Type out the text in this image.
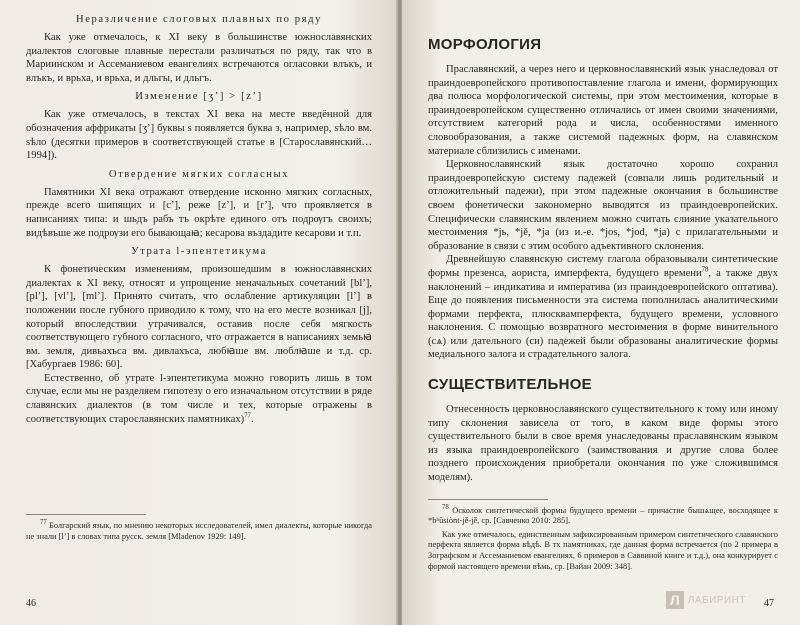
Неразличение слоговых плавных по ряду

Как уже отмечалось, к XI веку в большинстве южнославянских диалектов слоговые плавные перестали различаться по ряду, так что в Мариинском и Ассеманиевом евангелиях встречаются огласовки влъкъ, и влъкъ, и врьха, и врьха, и дльгы, и дльгъ.

Изменение [ʒ’] > [z’]

Как уже отмечалось, в текстах XI века на месте введённой для обозначения аффрикаты [ʒ’] буквы ѕ появляется буква з, например, ѕѣло вм. ѕѣло (десятки примеров в соответствующей статье в [Старославянский… 1994]).

Отвердение мягких согласных

Памятники XI века отражают отвердение исконно мягких согласных, прежде всего шипящих и [с’], реже [z’], и [r’], что проявляется в написаниях типа: и шьдъ рабъ тъ окрѣте единого отъ подрѹгъ своихъ; видѣвъше же подрѹзи его бывающаꙗ; кесарова въздадите кесарови и т.п.

Утрата l-эпентетикума

К фонетическим изменениям, произошедшим в южнославянских диалектах к XI веку, относят и упрощение неначальных сочетаний [bl’], [pl’], [vl’], [ml’]. Принято считать, что ослабление артикуляции [l’] в положении после губного приводило к тому, что на его месте возникал [j], который впоследствии утрачивался, оставив после себя мягкость соответствующего губного согласного, что отражается в написаниях земьꙗ вм. земля, дивьахъса вм. дивлахъса, любꙗше вм. люблꙗше и т.д. ср. [Хабургаев 1986: 60].

Естественно, об утрате l-эпентетикума можно говорить лишь в том случае, если мы не разделяем гипотезу о его изначальном отсутствии в ряде славянских диалектов (в том числе и тех, которые отражены в соответствующих старославянских памятниках)$^{77}$.

$^{77}$ Болгарский язык, по мнению некоторых исследователей, имел диалекты, которые никогда не знали [l’] в словах типа русск. земля [Mladenov 1929: 149].
46
МОРФОЛОГИЯ

Праславянский, а через него и церковнославянский язык унаследовал от праиндоевропейского противопоставление глагола и имени, формирующих два полюса морфологической системы, при этом местоимения, которые в праиндоевропейском существенно отличались от имен своими значениями, отсутствием категорий рода и числа, особенностями именного словообразования, а также системой падежных форм, на славянском материале сблизились с именами.

Церковнославянский язык достаточно хорошо сохранил праиндоевропейскую систему падежей (совпали лишь родительный и отложительный падежи), при этом падежные окончания в большинстве своем фонетически закономерно выводятся из праиндоевропейских. Специфически славянским явлением можно считать слияние указательного местоимения *jь, *jě, *ja (из и.-е. *jos, *jod, *ja) с прилагательными и образование в связи с этим особого адъективного склонения.

Древнейшую славянскую систему глагола образовывали синтетические формы презенса, аориста, имперфекта, будущего времени$^{78}$, а также двух наклонений – индикатива и императива (из праиндоевропейского оптатива). Еще до появления письменности эта система пополнилась аналитическими формами перфекта, плюсквамперфекта, будущего времени, условного наклонения. С помощью возвратного местоимения в форме винительного (сѧ) или дательного (си) падежей были образованы аналитические формы медиального залога и страдательного залога.

СУЩЕСТВИТЕЛЬНОЕ

Отнесенность церковнославянского существительного к тому или иному типу склонения зависела от того, в каком виде формы этого существительного были в свое время унаследованы праславянским языком из языка праиндоевропейского (заимствования и другие слова более позднего происхождения приобретали окончания по уже сложившимся моделям).

$^{78}$ Осколок синтетической формы будущего времени – причастие бышѧщее, восходящее к *bʰūsiònt-jě-jě, ср. [Савченко 2010: 285].
Как уже отмечалось, единственным зафиксированным примером синтетического славянского перфекта является форма вѣдѣ. В тх памятниках, где данная форма встречается (по 2 примера в Зографском и Ассеманиевом евангелиях, 6 примеров в Саввиной книге и т.д.), она конкурирует с формой настоящего времени вѣмь, ср. [Вайан 2009: 348].
Л ЛАБИРИНТ 47
